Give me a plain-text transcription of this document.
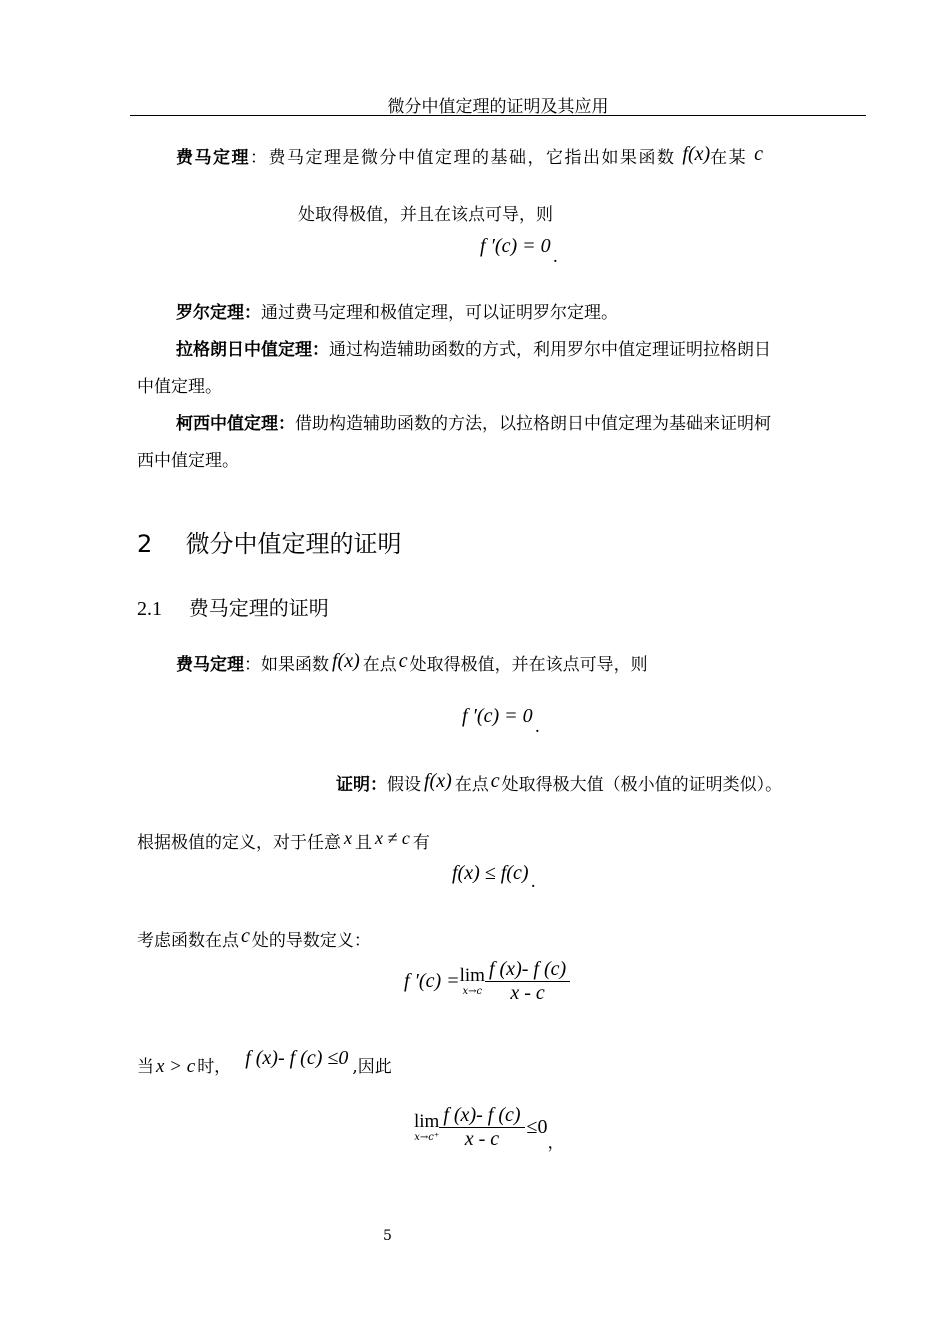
微分中值定理的证明及其应用
费马定理：费马定理是微分中值定理的基础，它指出如果函数 f(x)在某 c
处取得极值，并且在该点可导，则
f ′(c) = 0 .
罗尔定理：通过费马定理和极值定理，可以证明罗尔定理。
拉格朗日中值定理：通过构造辅助函数的方式，利用罗尔中值定理证明拉格朗日
中值定理。
柯西中值定理：借助构造辅助函数的方法，以拉格朗日中值定理为基础来证明柯
西中值定理。
2 微分中值定理的证明
2.1 费马定理的证明
费马定理：如果函数 f(x) 在点 c 处取得极值，并在该点可导，则
f ′(c) = 0 .
证明：假设 f(x) 在点 c 处取得极大值（极小值的证明类似）。
根据极值的定义，对于任意 x 且 x ≠ c 有
f(x) ≤ f(c) .
考虑函数在点 c 处的导数定义：
f ′(c) = lim
$x\to c \frac{f (x)- f (c)}{x - c}$
当 x > c 时， f (x)- f (c) ≤0 ,因此
lim
$x\to c^+ \frac{f (x)- f (c)}{x - c} \le 0$，
5
